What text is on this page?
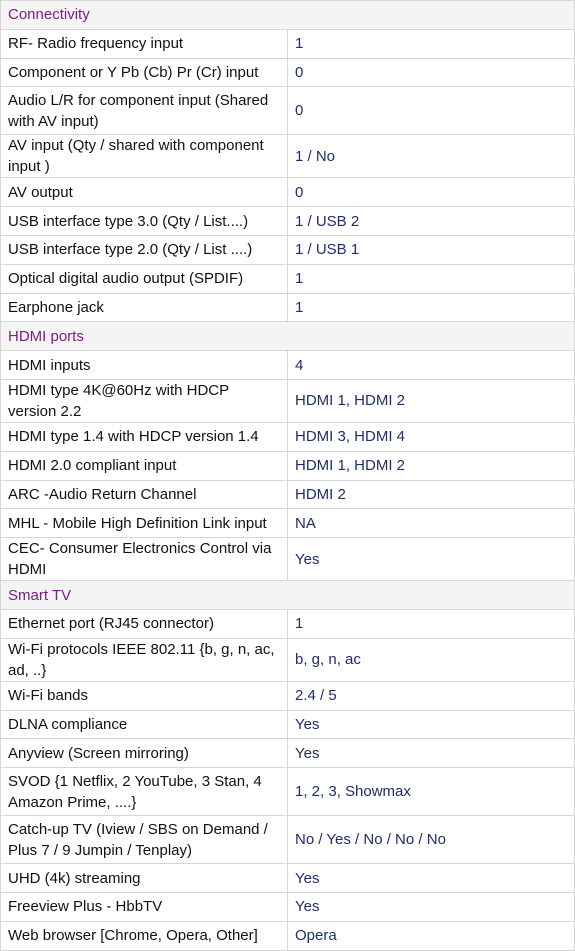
Connectivity	
RF- Radio frequency input	1
Component or Y Pb (Cb) Pr (Cr) input	0
Audio L/R for component input (Shared with AV input)	0
AV input (Qty / shared with component input )	1 / No
AV output	0
USB interface type 3.0 (Qty / List....)	1 / USB 2
USB interface type 2.0 (Qty / List ....)	1 / USB 1
Optical digital audio output (SPDIF)	1
Earphone jack	1
HDMI ports	
HDMI inputs	4
HDMI type 4K@60Hz with HDCP version 2.2	HDMI 1, HDMI 2
HDMI type 1.4 with HDCP version 1.4	HDMI 3, HDMI 4
HDMI 2.0 compliant input	HDMI 1, HDMI 2
ARC -Audio Return Channel	HDMI 2
MHL - Mobile High Definition Link input	NA
CEC- Consumer Electronics Control via HDMI	Yes
Smart TV	
Ethernet port (RJ45 connector)	1
Wi-Fi protocols IEEE 802.11 {b, g, n, ac, ad, ..}	b, g, n, ac
Wi-Fi bands	2.4 / 5
DLNA compliance	Yes
Anyview (Screen mirroring)	Yes
SVOD {1 Netflix, 2 YouTube, 3 Stan, 4 Amazon Prime, ....}	1, 2, 3, Showmax
Catch-up TV (Iview / SBS on Demand / Plus 7 / 9 Jumpin / Tenplay)	No / Yes / No / No / No
UHD (4k) streaming	Yes
Freeview Plus - HbbTV	Yes
Web browser [Chrome, Opera, Other]	Opera
